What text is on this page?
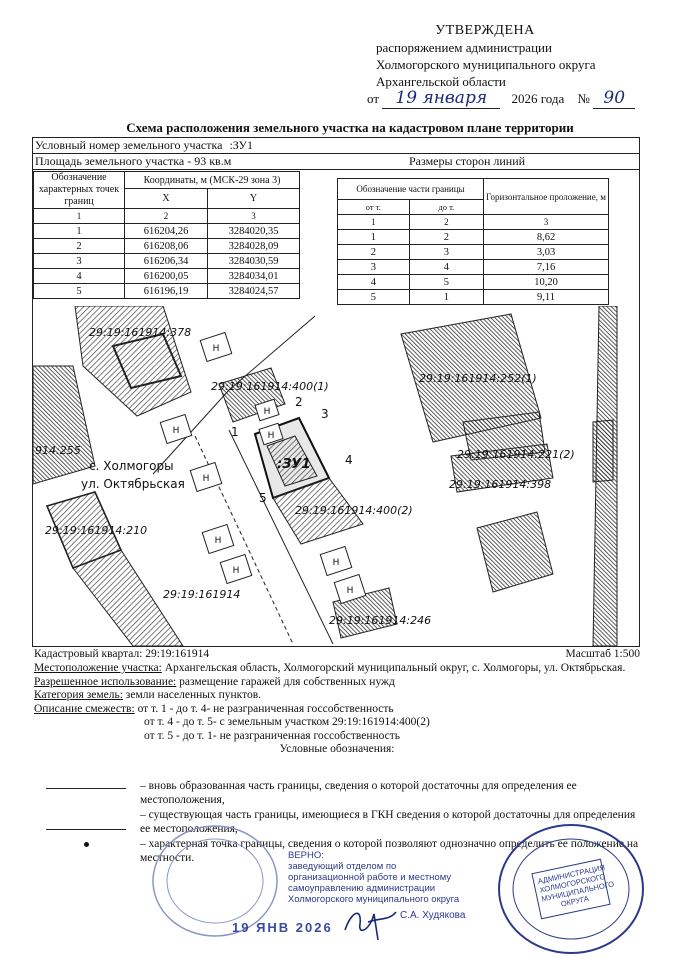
УТВЕРЖДЕНА
распоряжением администрации
Холмогорского муниципального округа
Архангельской области
от 19 января 2026 года № 90
Схема расположения земельного участка на кадастровом плане территории
Условный номер земельного участка :ЗУ1
Площадь земельного участка - 93 кв.м	Размеры сторон линий
Обозначение характерных точек границ	Координаты, м (МСК-29 зона 3)	
	X	Y
1	2	3
1	616204,26	3284020,35
2	616208,06	3284028,09
3	616206,34	3284030,59
4	616200,05	3284034,01
5	616196,19	3284024,57
Обозначение части границы		Горизонтальное проложение, м
от т.	до т.	
1	2	3
1	2	8,62
2	3	3,03
3	4	7,16
4	5	10,20
5	1	9,11
29:19:161914:378
29:19:161914:400(1)
29:19:161914:252(1)
29:19:161914:221(2)
29:19:161914:398
914:255
с. Холмогоры
ул. Октябрьская
29:19:161914:400(2)
29:19:161914:210
:ЗУ1
29:19:161914
29:19:161914:246
Н
Н
Н
Н
Н
Н
Н
Н
Н
1
2
3
4
5
Кадастровый квартал: 29:19:161914	Масштаб 1:500
Местоположение участка: Архангельская область, Холмогорский муниципальный округ, с. Холмогоры, ул. Октябрьская.
Разрешенное использование: размещение гаражей для собственных нужд
Категория земель: земли населенных пунктов.
Описание смежеств: от т. 1 - до т. 4- не разграниченная госсобственность
от т. 4 - до т. 5- с земельным участком 29:19:161914:400(2)
от т. 5 - до т. 1- не разграниченная госсобственность
Условные обозначения:
– вновь образованная часть границы, сведения о которой достаточны для определения ее местоположения,
– существующая часть границы, имеющиеся в ГКН сведения о которой достаточны для определения ее местоположения,
– характерная точка границы, сведения о которой позволяют однозначно определить ее положение на местности.	ВЕРНО:
заведующий отделом по
организационной работе и местному
самоуправлению администрации
Холмогорского муниципального округа
С.А. Худякова
19 ЯНВ 2026
АДМИНИСТРАЦИЯ ХОЛМОГОРСКОГО МУНИЦИПАЛЬНОГО ОКРУГА
